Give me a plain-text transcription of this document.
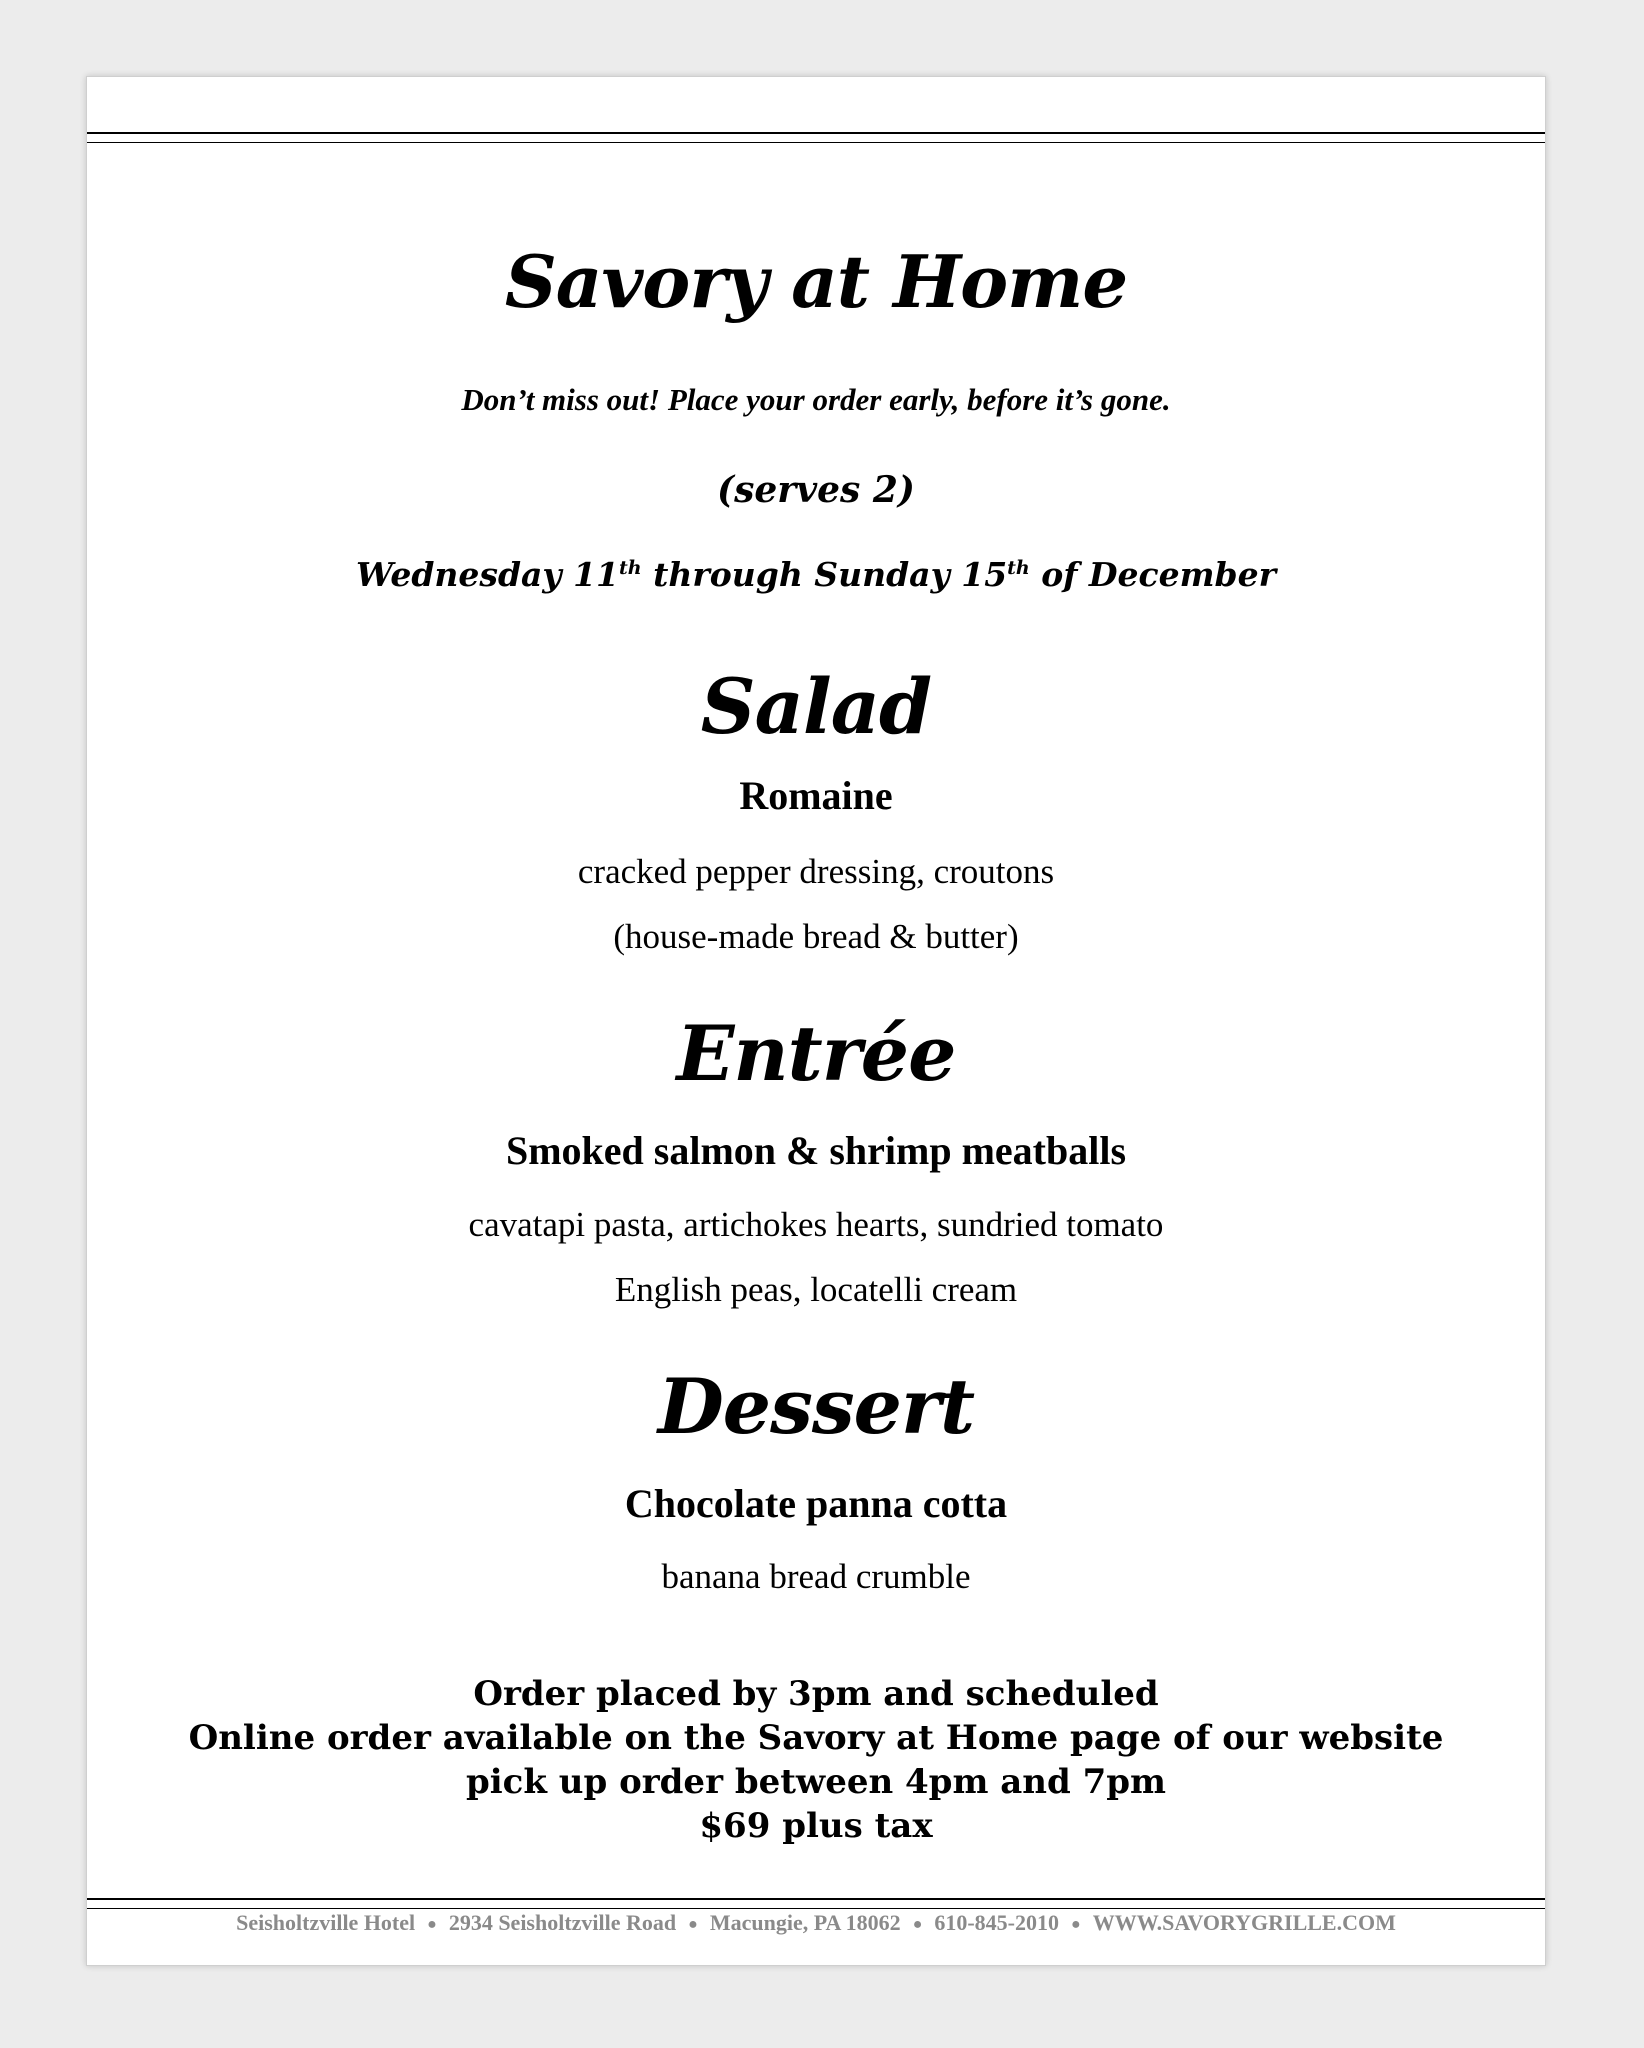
Savory at Home
Don’t miss out! Place your order early, before it’s gone.
(serves 2)
Wednesday 11th through Sunday 15th of December
Salad
Romaine
cracked pepper dressing, croutons
(house-made bread & butter)
Entrée
Smoked salmon & shrimp meatballs
cavatapi pasta, artichokes hearts, sundried tomato
English peas, locatelli cream
Dessert
Chocolate panna cotta
banana bread crumble
Order placed by 3pm and scheduled
Online order available on the Savory at Home page of our website
pick up order between 4pm and 7pm
$69 plus tax
Seisholtzville Hotel ● 2934 Seisholtzville Road ● Macungie, PA 18062 ● 610-845-2010 ● WWW.SAVORYGRILLE.COM
